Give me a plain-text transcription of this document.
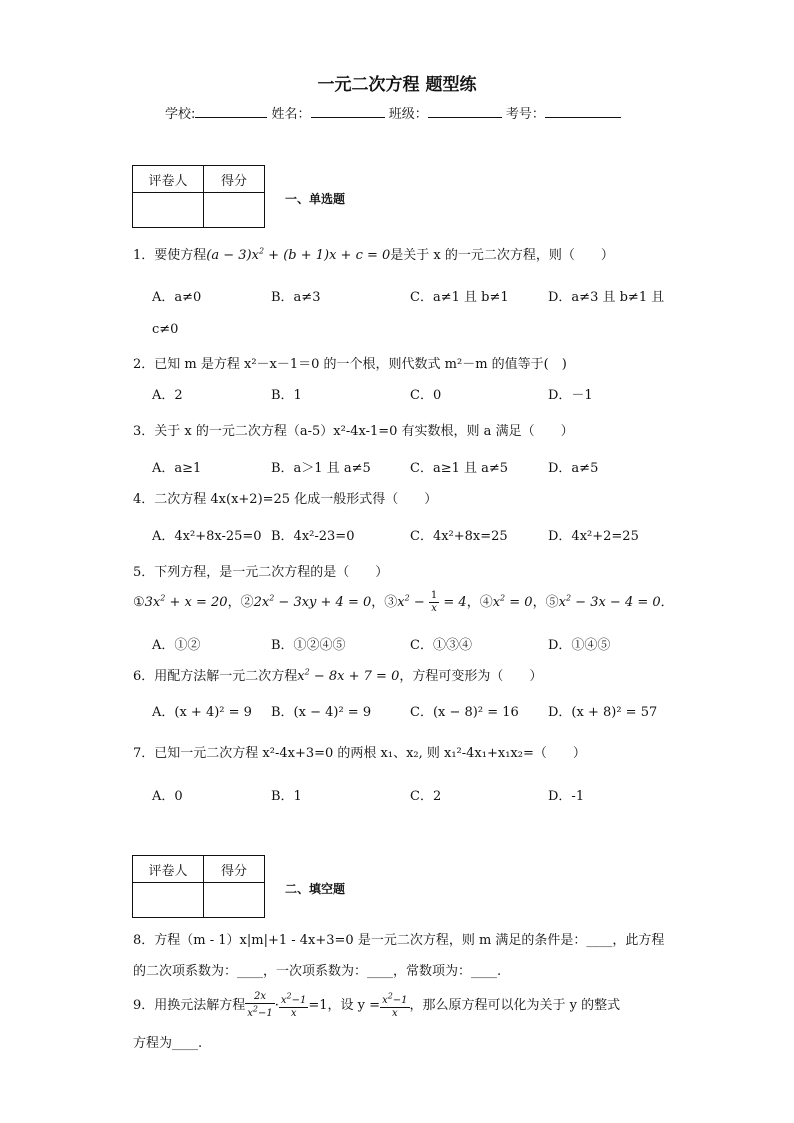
一元二次方程 题型练
学校:	姓名：	班级：	考号：
评卷人	得分

一、单选题
1．要使方程$(a - 3)x^2 + (b + 1)x + c = 0$是关于 x 的一元二次方程，则（　　）
A．a≠0	B．a≠3	C．a≠1 且 b≠1	D．a≠3 且 b≠1 且
c≠0
2．已知 m 是方程 x²－x－1＝0 的一个根，则代数式 m²－m 的值等于(　)
A．2	B．1	C．0	D．－1
3．关于 x 的一元二次方程（a-5）x²-4x-1=0 有实数根，则 a 满足（　　）
A．a≥1	B．a＞1 且 a≠5	C．a≥1 且 a≠5	D．a≠5
4．二次方程 4x(x+2)=25 化成一般形式得（　　）
A．4x²+8x-25=0 B．4x²-23=0	C．4x²+8x=25	D．4x²+2=25
5．下列方程，是一元二次方程的是（　　）
$①3x^2 + x = 20$，$②2x^2 - 3xy + 4 = 0$，$③x^2 - \frac{1}{x} = 4$，$④x^2 = 0$，$⑤x^2 - 3x - 4 = 0$．
A．①②	B．①②④⑤	C．①③④	D．①④⑤
6．用配方法解一元二次方程$x^2 - 8x + 7 = 0$，方程可变形为（　　）
A．(x + 4)² = 9 B．(x − 4)² = 9	C．(x − 8)² = 16 D．(x + 8)² = 57
7．已知一元二次方程 x²-4x+3=0 的两根 x₁、x₂, 则 x₁²-4x₁+x₁x₂=（　　）
A．0	B．1	C．2	D．-1
评卷人	得分

二、填空题
8．方程（m - 1）x|m|+1 - 4x+3=0 是一元二次方程，则 m 满足的条件是：____，此方程
的二次项系数为：____，一次项系数为：____，常数项为：____.
9．用换元法解方程 $\frac{2x}{x^2-1} \cdot \frac{x^2-1}{x} =1$，设 $y = \frac{x^2-1}{x}$ ，那么原方程可以化为关于 y 的整式
方程为____.
